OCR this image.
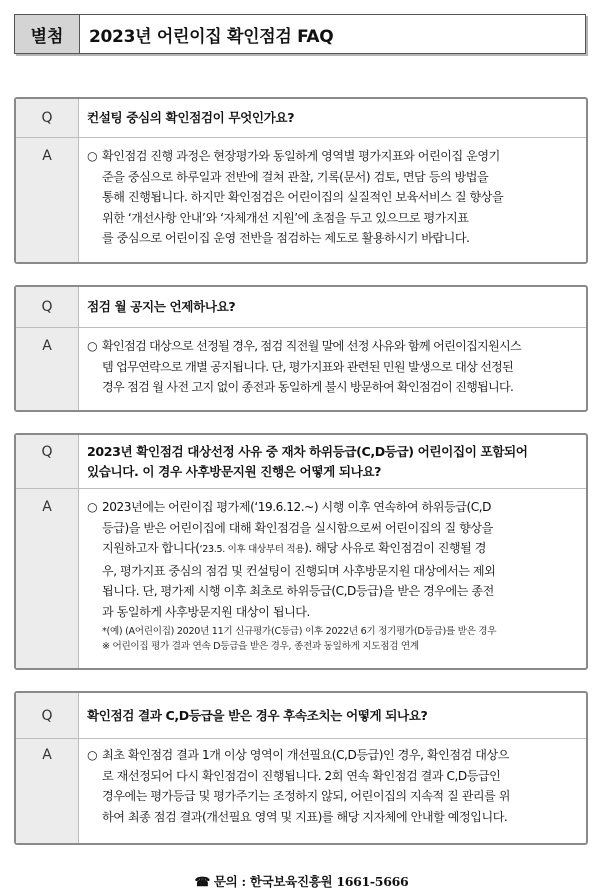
별첨	2023년 어린이집 확인점검 FAQ
Q	컨설팅 중심의 확인점검이 무엇인가요?
A	○ 확인점검 진행 과정은 현장평가와 동일하게 영역별 평가지표와 어린이집 운영기
준을 중심으로 하루일과 전반에 걸쳐 관찰, 기록(문서) 검토, 면담 등의 방법을
통해 진행됩니다. 하지만 확인점검은 어린이집의 실질적인 보육서비스 질 향상을
위한 ‘개선사항 안내’와 ‘자체개선 지원’에 초점을 두고 있으므로 평가지표
를 중심으로 어린이집 운영 전반을 점검하는 제도로 활용하시기 바랍니다.
Q	점검 월 공지는 언제하나요?
A	○ 확인점검 대상으로 선정될 경우, 점검 직전월 말에 선정 사유와 함께 어린이집지원시스
템 업무연락으로 개별 공지됩니다. 단, 평가지표와 관련된 민원 발생으로 대상 선정된
경우 점검 월 사전 고지 없이 종전과 동일하게 불시 방문하여 확인점검이 진행됩니다.
Q	2023년 확인점검 대상선정 사유 중 재차 하위등급(C,D등급) 어린이집이 포함되어
있습니다. 이 경우 사후방문지원 진행은 어떻게 되나요?
A	○ 2023년에는 어린이집 평가제(‘19.6.12.~) 시행 이후 연속하여 하위등급(C,D
등급)을 받은 어린이집에 대해 확인점검을 실시함으로써 어린이집의 질 향상을
지원하고자 합니다(‘23.5. 이후 대상부터 적용). 해당 사유로 확인점검이 진행될 경
우, 평가지표 중심의 점검 및 컨설팅이 진행되며 사후방문지원 대상에서는 제외
됩니다. 단, 평가제 시행 이후 최초로 하위등급(C,D등급)을 받은 경우에는 종전
과 동일하게 사후방문지원 대상이 됩니다.
*(예) (A어린이집) 2020년 11기 신규평가(C등급) 이후 2022년 6기 정기평가(D등급)를 받은 경우
※ 어린이집 평가 결과 연속 D등급을 받은 경우, 종전과 동일하게 지도점검 연계
Q	확인점검 결과 C,D등급을 받은 경우 후속조치는 어떻게 되나요?
A	○ 최초 확인점검 결과 1개 이상 영역이 개선필요(C,D등급)인 경우, 확인점검 대상으
로 재선정되어 다시 확인점검이 진행됩니다. 2회 연속 확인점검 결과 C,D등급인
경우에는 평가등급 및 평가주기는 조정하지 않되, 어린이집의 지속적 질 관리를 위
하여 최종 점검 결과(개선필요 영역 및 지표)를 해당 지자체에 안내할 예정입니다.
☎ 문의 : 한국보육진흥원 1661-5666
